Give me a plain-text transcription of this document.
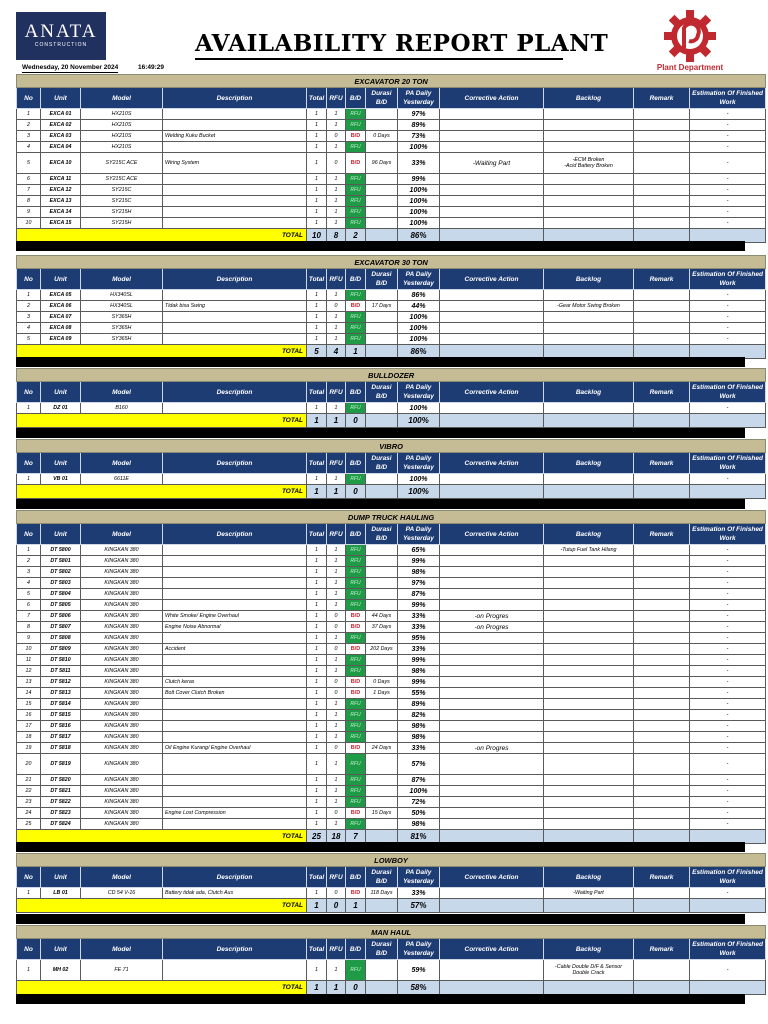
ANATA
CONSTRUCTION	AVAILABILITY REPORT PLANT
Wednesday, 20 November 2024	16:49:29	Plant Department
EXCAVATOR 20 TON												
No	Unit	Model	Description	Total	RFU	B/D	Durasi B/D	PA Daily Yesterday	Corrective Action	Backlog	Remark	Estimation Of Finished Work
1	EXCA 01	HX210S		1	1	RFU		97%				-
2	EXCA 02	HX210S		1	1	RFU		89%				-
3	EXCA 03	HX210S	Welding Kuku Bucket	1	0	B/D	0 Days	73%				-
4	EXCA 04	HX210S		1	1	RFU		100%				-
5	EXCA 10	SY215C ACE	Wiring System	1	0	B/D	96 Days	33%	-Waiting Part	-ECM Broken
-Acid Battery Broken		-
6	EXCA 11	SY215C ACE		1	1	RFU		99%				-
7	EXCA 12	SY215C		1	1	RFU		100%				-
8	EXCA 13	SY215C		1	1	RFU		100%				-
9	EXCA 14	SY215H		1	1	RFU		100%				-
10	EXCA 15	SY215H		1	1	RFU		100%				-
TOTAL				10	8	2		86%				
EXCAVATOR 30 TON												
No	Unit	Model	Description	Total	RFU	B/D	Durasi B/D	PA Daily Yesterday	Corrective Action	Backlog	Remark	Estimation Of Finished Work
1	EXCA 05	HX340SL		1	1	RFU		86%				-
2	EXCA 06	HX340SL	Tidak bisa Swing	1	0	B/D	17 Days	44%		-Gear Motor Swing Broken		-
3	EXCA 07	SY365H		1	1	RFU		100%				-
4	EXCA 08	SY365H		1	1	RFU		100%				-
5	EXCA 09	SY365H		1	1	RFU		100%				-
TOTAL				5	4	1		86%				
BULLDOZER												
No	Unit	Model	Description	Total	RFU	B/D	Durasi B/D	PA Daily Yesterday	Corrective Action	Backlog	Remark	Estimation Of Finished Work
1	DZ 01	B160		1	1	RFU		100%				-
TOTAL				1	1	0		100%				
VIBRO												
No	Unit	Model	Description	Total	RFU	B/D	Durasi B/D	PA Daily Yesterday	Corrective Action	Backlog	Remark	Estimation Of Finished Work
1	VB 01	6611E		1	1	RFU		100%				-
TOTAL				1	1	0		100%				
DUMP TRUCK HAULING												
No	Unit	Model	Description	Total	RFU	B/D	Durasi B/D	PA Daily Yesterday	Corrective Action	Backlog	Remark	Estimation Of Finished Work
1	DT 5800	KINGKAN 380		1	1	RFU		65%		-Tutup Fuel Tank Hilang		-
2	DT 5801	KINGKAN 380		1	1	RFU		99%				-
3	DT 5802	KINGKAN 380		1	1	RFU		98%				-
4	DT 5803	KINGKAN 380		1	1	RFU		97%				-
5	DT 5804	KINGKAN 380		1	1	RFU		87%				-
6	DT 5805	KINGKAN 380		1	1	RFU		99%				-
7	DT 5806	KINGKAN 380	White Smoke/ Engine Overhaul	1	0	B/D	44 Days	33%	-on Progres			-
8	DT 5807	KINGKAN 380	Engine Noise Abnormal	1	0	B/D	37 Days	33%	-on Progres			-
9	DT 5808	KINGKAN 380		1	1	RFU		95%				-
10	DT 5809	KINGKAN 380	Accident	1	0	B/D	202 Days	33%				-
11	DT 5810	KINGKAN 380		1	1	RFU		99%				-
12	DT 5811	KINGKAN 380		1	1	RFU		98%				-
13	DT 5812	KINGKAN 380	Clutch keras	1	0	B/D	0 Days	99%				-
14	DT 5813	KINGKAN 380	Bolt Cover Clutch Broken	1	0	B/D	1 Days	55%				-
15	DT 5814	KINGKAN 380		1	1	RFU		89%				-
16	DT 5815	KINGKAN 380		1	1	RFU		82%				-
17	DT 5816	KINGKAN 380		1	1	RFU		98%				-
18	DT 5817	KINGKAN 380		1	1	RFU		98%				-
19	DT 5818	KINGKAN 380	Oil Engine Kurang/ Engine Overhaul	1	0	B/D	24 Days	33%	-on Progres			-
20	DT 5819	KINGKAN 380		1	1	RFU		57%				-
21	DT 5820	KINGKAN 380		1	1	RFU		87%				-
22	DT 5821	KINGKAN 380		1	1	RFU		100%				-
23	DT 5822	KINGKAN 380		1	1	RFU		72%				-
24	DT 5823	KINGKAN 380	Engine Lost Compression	1	0	B/D	15 Days	50%				-
25	DT 5824	KINGKAN 380		1	1	RFU		98%				-
TOTAL				25	18	7		81%				
LOWBOY												
No	Unit	Model	Description	Total	RFU	B/D	Durasi B/D	PA Daily Yesterday	Corrective Action	Backlog	Remark	Estimation Of Finished Work
1	LB 01	CD 54 V-16	Battery tidak ada, Clutch Aus	1	0	B/D	118 Days	33%		-Waiting Part		-
TOTAL				1	0	1		57%				
MAN HAUL												
No	Unit	Model	Description	Total	RFU	B/D	Durasi B/D	PA Daily Yesterday	Corrective Action	Backlog	Remark	Estimation Of Finished Work
1	MH 02	FE 71		1	1	RFU		59%		-Cable Double D/F & Sensor
Double Crack		-
TOTAL				1	1	0		58%				
